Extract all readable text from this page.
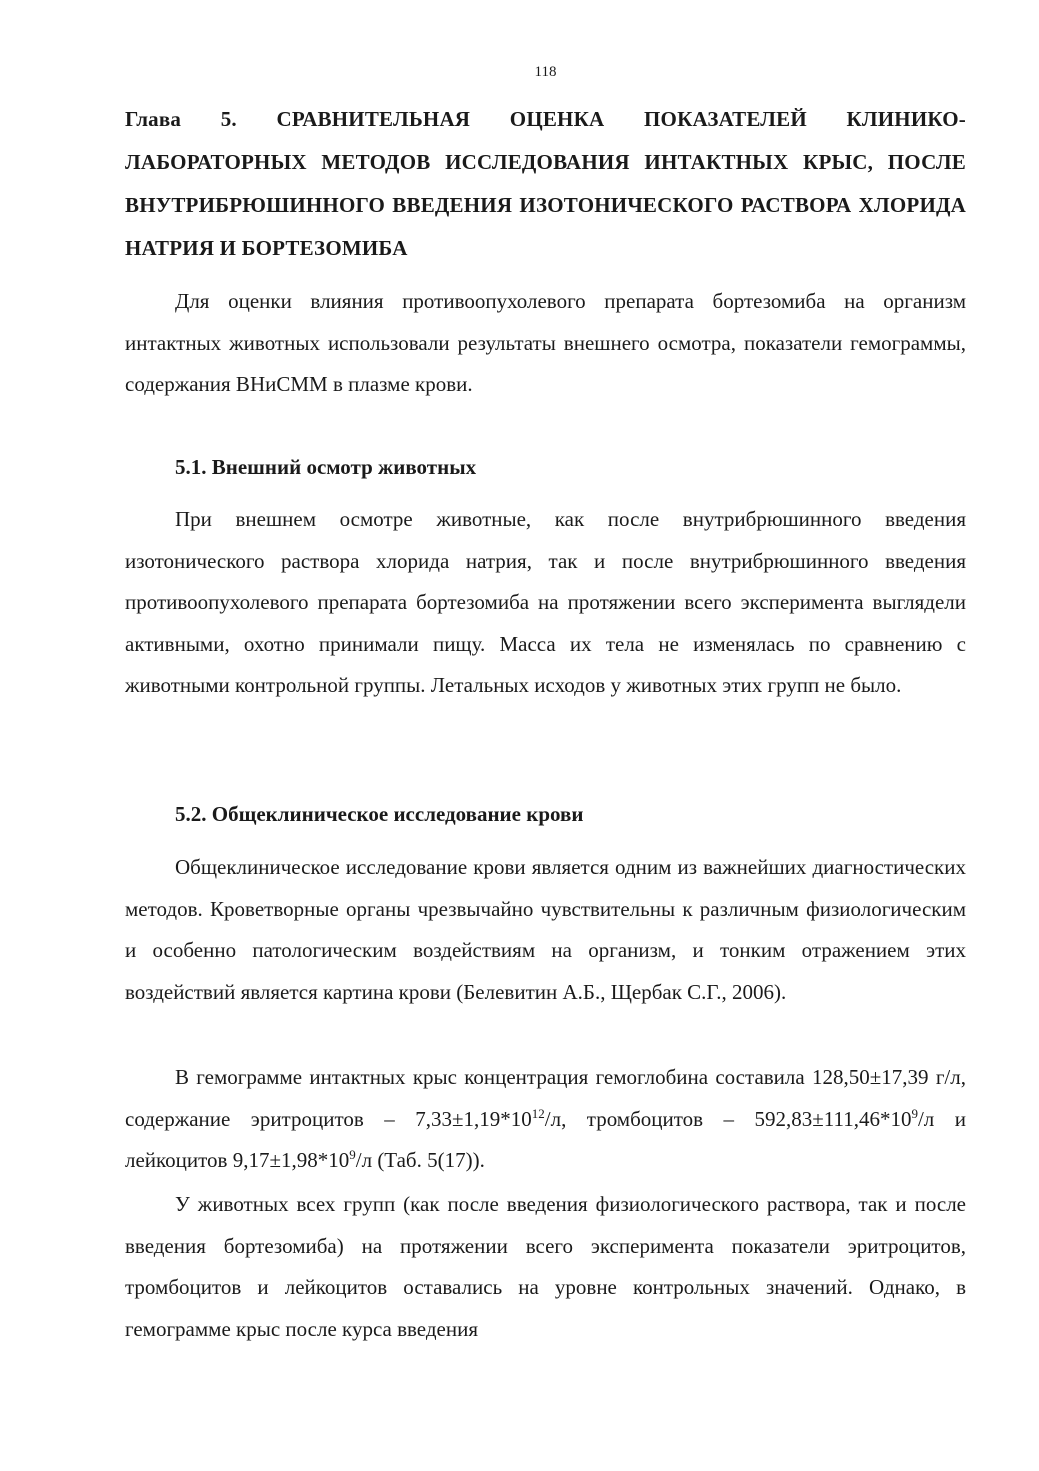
118
Глава 5. СРАВНИТЕЛЬНАЯ ОЦЕНКА ПОКАЗАТЕЛЕЙ КЛИНИКО-ЛАБОРАТОРНЫХ МЕТОДОВ ИССЛЕДОВАНИЯ ИНТАКТНЫХ КРЫС, ПОСЛЕ ВНУТРИБРЮШИННОГО ВВЕДЕНИЯ ИЗОТОНИЧЕСКОГО РАСТВОРА ХЛОРИДА НАТРИЯ И БОРТЕЗОМИБА

Для оценки влияния противоопухолевого препарата бортезомиба на организм интактных животных использовали результаты внешнего осмотра, показатели гемограммы, содержания ВНиСММ в плазме крови.

5.1. Внешний осмотр животных

При внешнем осмотре животные, как после внутрибрюшинного введения изотонического раствора хлорида натрия, так и после внутрибрюшинного введения противоопухолевого препарата бортезомиба на протяжении всего эксперимента выглядели активными, охотно принимали пищу. Масса их тела не изменялась по сравнению с животными контрольной группы. Летальных исходов у животных этих групп не было.

5.2. Общеклиническое исследование крови

Общеклиническое исследование крови является одним из важнейших диагностических методов. Кроветворные органы чрезвычайно чувствительны к различным физиологическим и особенно патологическим воздействиям на организм, и тонким отражением этих воздействий является картина крови (Белевитин А.Б., Щербак С.Г., 2006).

В гемограмме интактных крыс концентрация гемоглобина составила 128,50±17,39 г/л, содержание эритроцитов – $7,33\pm 1,19*10^{12}/л$, тромбоцитов – $592,83\pm 111,46*10^9/л$ и лейкоцитов $9,17\pm 1,98*10^9/л$ (Таб. 5(17)).

У животных всех групп (как после введения физиологического раствора, так и после введения бортезомиба) на протяжении всего эксперимента показатели эритроцитов, тромбоцитов и лейкоцитов оставались на уровне контрольных значений. Однако, в гемограмме крыс после курса введения
